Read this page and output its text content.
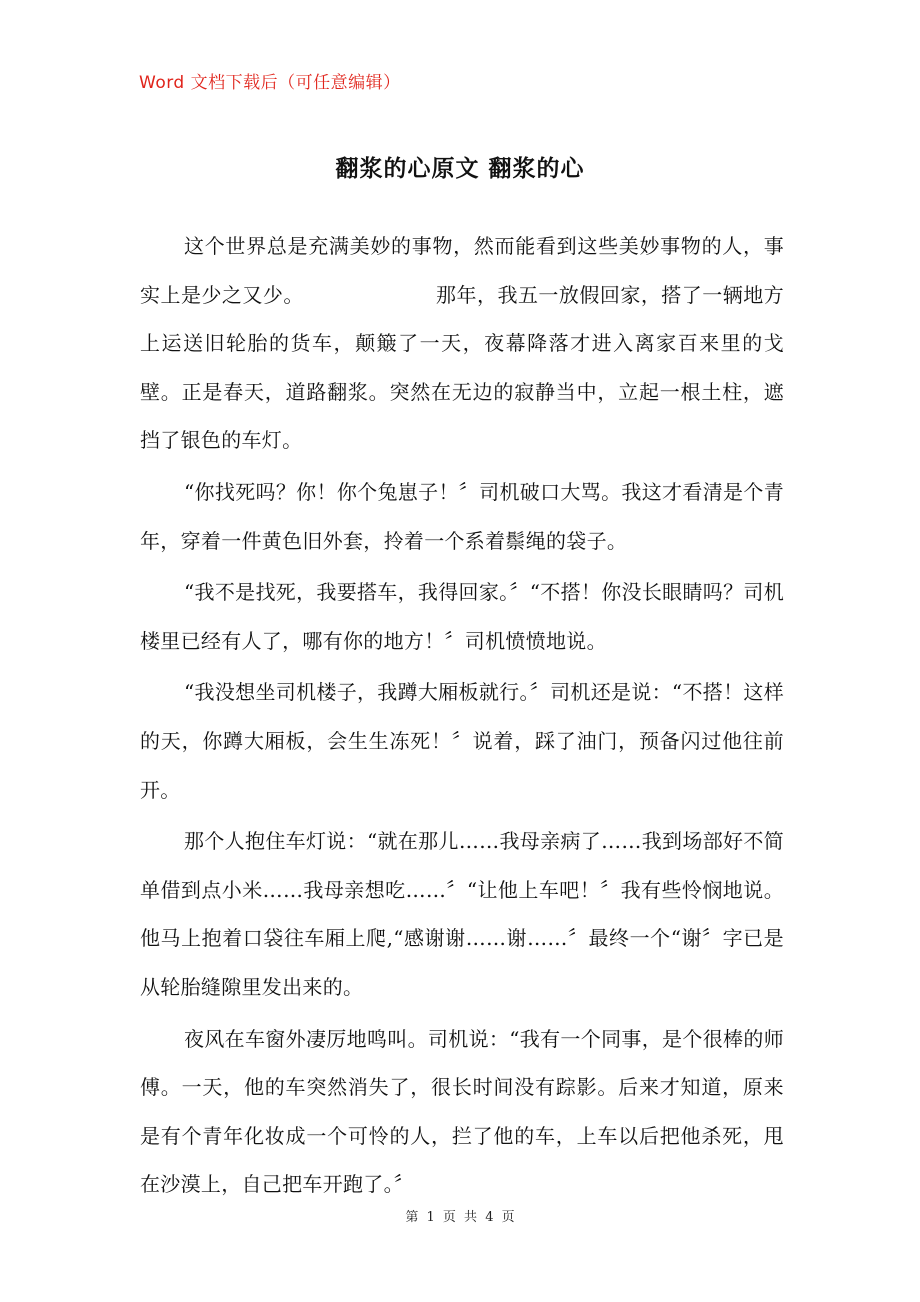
Word 文档下载后（可任意编辑）
翻浆的心原文 翻浆的心

这个世界总是充满美妙的事物，然而能看到这些美妙事物的人，事实上是少之又少。	那年，我五一放假回家，搭了一辆地方上运送旧轮胎的货车，颠簸了一天，夜幕降落才进入离家百来里的戈壁。正是春天，道路翻浆。突然在无边的寂静当中，立起一根土柱，遮挡了银色的车灯。

“你找死吗？你！你个兔崽子！〞司机破口大骂。我这才看清是个青年，穿着一件黄色旧外套，拎着一个系着鬃绳的袋子。

“我不是找死，我要搭车，我得回家。〞“不搭！你没长眼睛吗？司机楼里已经有人了，哪有你的地方！〞司机愤愤地说。

“我没想坐司机楼子，我蹲大厢板就行。〞司机还是说：“不搭！这样的天，你蹲大厢板，会生生冻死！〞说着，踩了油门，预备闪过他往前开。

那个人抱住车灯说：“就在那儿……我母亲病了……我到场部好不简单借到点小米……我母亲想吃……〞“让他上车吧！〞我有些怜悯地说。他马上抱着口袋往车厢上爬,“感谢谢……谢……〞最终一个“谢〞字已是从轮胎缝隙里发出来的。

夜风在车窗外凄厉地鸣叫。司机说：“我有一个同事，是个很棒的师傅。一天，他的车突然消失了，很长时间没有踪影。后来才知道，原来是有个青年化妆成一个可怜的人，拦了他的车，上车以后把他杀死，甩在沙漠上，自己把车开跑了。〞

第 1 页 共 4 页
